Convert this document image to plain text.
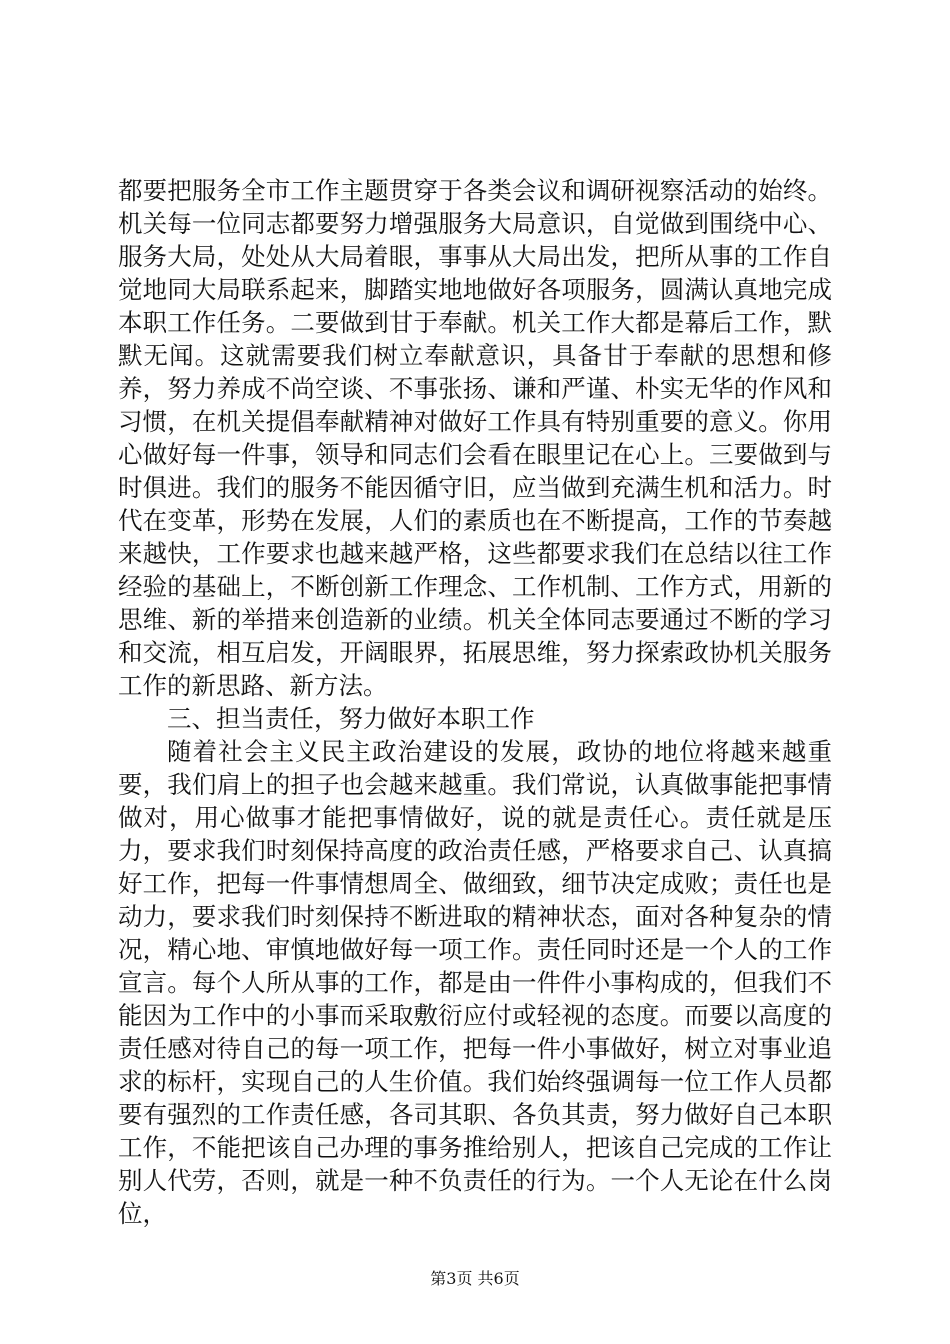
都要把服务全市工作主题贯穿于各类会议和调研视察活动的始终。机关每一位同志都要努力增强服务大局意识，自觉做到围绕中心、服务大局，处处从大局着眼，事事从大局出发，把所从事的工作自觉地同大局联系起来，脚踏实地地做好各项服务，圆满认真地完成本职工作任务。二要做到甘于奉献。机关工作大都是幕后工作，默默无闻。这就需要我们树立奉献意识，具备甘于奉献的思想和修养，努力养成不尚空谈、不事张扬、谦和严谨、朴实无华的作风和习惯，在机关提倡奉献精神对做好工作具有特别重要的意义。你用心做好每一件事，领导和同志们会看在眼里记在心上。三要做到与时俱进。我们的服务不能因循守旧，应当做到充满生机和活力。时代在变革，形势在发展，人们的素质也在不断提高，工作的节奏越来越快，工作要求也越来越严格，这些都要求我们在总结以往工作经验的基础上，不断创新工作理念、工作机制、工作方式，用新的思维、新的举措来创造新的业绩。机关全体同志要通过不断的学习和交流，相互启发，开阔眼界，拓展思维，努力探索政协机关服务工作的新思路、新方法。

三、担当责任，努力做好本职工作

随着社会主义民主政治建设的发展，政协的地位将越来越重要，我们肩上的担子也会越来越重。我们常说，认真做事能把事情做对，用心做事才能把事情做好，说的就是责任心。责任就是压力，要求我们时刻保持高度的政治责任感，严格要求自己、认真搞好工作，把每一件事情想周全、做细致，细节决定成败；责任也是动力，要求我们时刻保持不断进取的精神状态，面对各种复杂的情况，精心地、审慎地做好每一项工作。责任同时还是一个人的工作宣言。每个人所从事的工作，都是由一件件小事构成的，但我们不能因为工作中的小事而采取敷衍应付或轻视的态度。而要以高度的责任感对待自己的每一项工作，把每一件小事做好，树立对事业追求的标杆，实现自己的人生价值。我们始终强调每一位工作人员都要有强烈的工作责任感，各司其职、各负其责，努力做好自己本职工作，不能把该自己办理的事务推给别人，把该自己完成的工作让别人代劳，否则，就是一种不负责任的行为。一个人无论在什么岗位，

第3页 共6页
